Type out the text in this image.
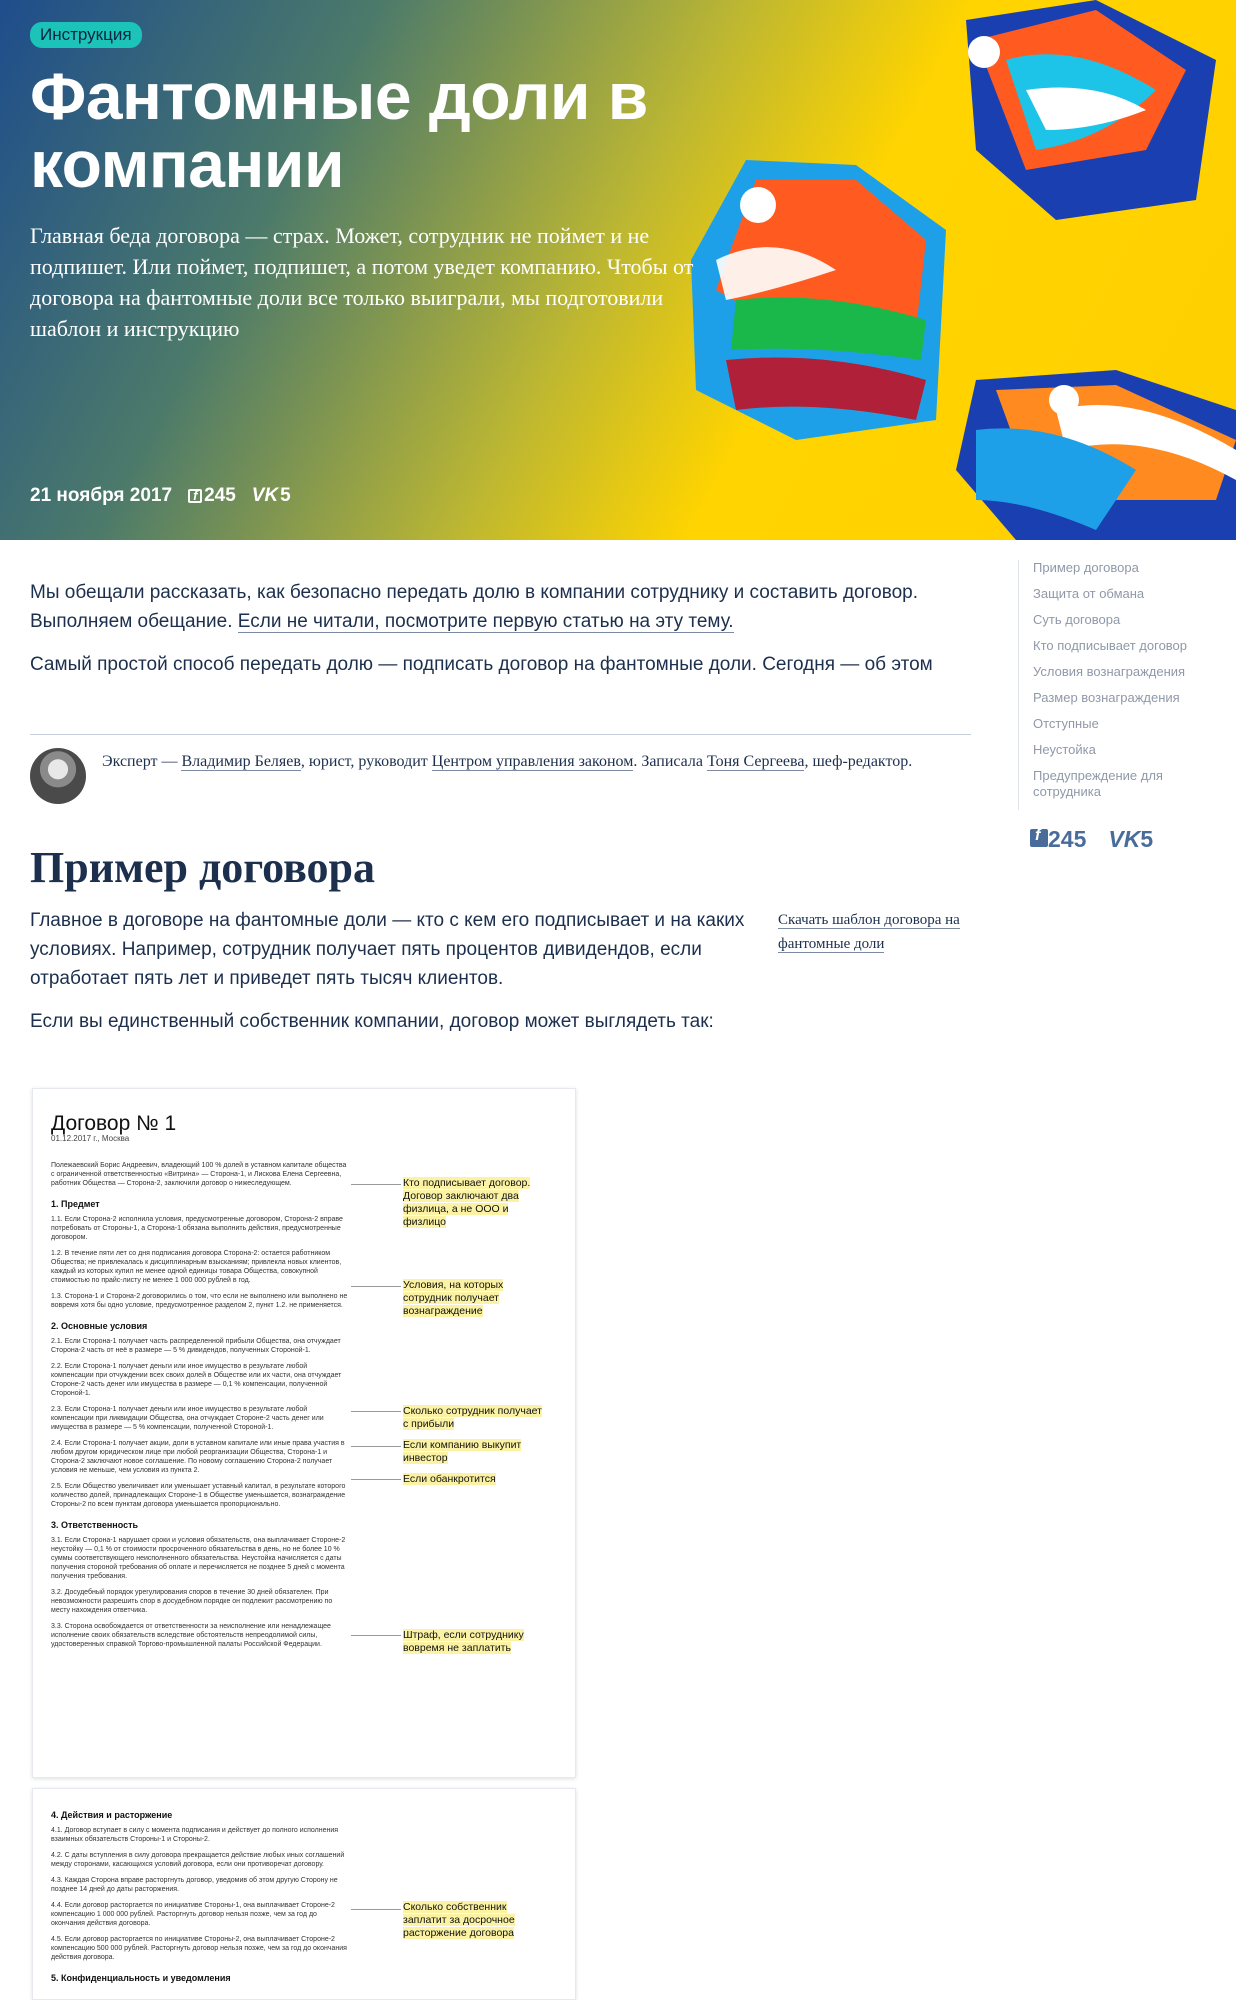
Инструкция
Фантомные доли в компании

Главная беда договора — страх. Может, сотрудник не поймет и не подпишет. Или поймет, подпишет, а потом уведет компанию. Чтобы от договора на фантомные доли все только выиграли, мы подготовили шаблон и инструкцию

21 ноября 2017
f 245 VK 5

Мы обещали рассказать, как безопасно передать долю в компании сотруднику и составить договор. Выполняем обещание. Если не читали, посмотрите первую статью на эту тему.

Самый простой способ передать долю — подписать договор на фантомные доли. Сегодня — об этом

Эксперт — Владимир Беляев, юрист, руководит Центром управления законом. Записала Тоня Сергеева, шеф-редактор.
Пример договора

Главное в договоре на фантомные доли — кто с кем его подписывает и на каких условиях. Например, сотрудник получает пять процентов дивидендов, если отработает пять лет и приведет пять тысяч клиентов.

Если вы единственный собственник компании, договор может выглядеть так:

Скачать шаблон договора на фантомные доли
Пример договора
Защита от обмана
Суть договора
Кто подписывает договор
Условия вознаграждения
Размер вознаграждения
Отступные
Неустойка
Предупреждение для сотрудника
f245 VK5
Договор № 1
01.12.2017 г., Москва

Полежаевский Борис Андреевич, владеющий 100 % долей в уставном капитале общества с ограниченной ответственностью «Витрина» — Сторона-1, и Лискова Елена Сергеевна, работник Общества — Сторона-2, заключили договор о нижеследующем.

1. Предмет

1.1. Если Сторона-2 исполнила условия, предусмотренные договором, Сторона-2 вправе потребовать от Стороны-1, а Сторона-1 обязана выполнить действия, предусмотренные договором.

1.2. В течение пяти лет со дня подписания договора Сторона-2: остается работником Общества; не привлекалась к дисциплинарным взысканиям; привлекла новых клиентов, каждый из которых купил не менее одной единицы товара Общества, совокупной стоимостью по прайс-листу не менее 1 000 000 рублей в год.

1.3. Сторона-1 и Сторона-2 договорились о том, что если не выполнено или выполнено не вовремя хотя бы одно условие, предусмотренное разделом 2, пункт 1.2. не применяется.

2. Основные условия

2.1. Если Сторона-1 получает часть распределенной прибыли Общества, она отчуждает Сторона-2 часть от неё в размере — 5 % дивидендов, полученных Стороной-1.

2.2. Если Сторона-1 получает деньги или иное имущество в результате любой компенсации при отчуждении всех своих долей в Обществе или их части, она отчуждает Стороне-2 часть денег или имущества в размере — 0,1 % компенсации, полученной Стороной-1.

2.3. Если Сторона-1 получает деньги или иное имущество в результате любой компенсации при ликвидации Общества, она отчуждает Стороне-2 часть денег или имущества в размере — 5 % компенсации, полученной Стороной-1.

2.4. Если Сторона-1 получает акции, доли в уставном капитале или иные права участия в любом другом юридическом лице при любой реорганизации Общества, Сторона-1 и Сторона-2 заключают новое соглашение. По новому соглашению Сторона-2 получает условия не меньше, чем условия из пункта 2.

2.5. Если Общество увеличивает или уменьшает уставный капитал, в результате которого количество долей, принадлежащих Стороне-1 в Обществе уменьшается, вознаграждение Стороны-2 по всем пунктам договора уменьшается пропорционально.

3. Ответственность

3.1. Если Сторона-1 нарушает сроки и условия обязательств, она выплачивает Стороне-2 неустойку — 0,1 % от стоимости просроченного обязательства в день, но не более 10 % суммы соответствующего неисполненного обязательства. Неустойка начисляется с даты получения стороной требования об оплате и перечисляется не позднее 5 дней с момента получения требования.

3.2. Досудебный порядок урегулирования споров в течение 30 дней обязателен. При невозможности разрешить спор в досудебном порядке он подлежит рассмотрению по месту нахождения ответчика.

3.3. Сторона освобождается от ответственности за неисполнение или ненадлежащее исполнение своих обязательств вследствие обстоятельств непреодолимой силы, удостоверенных справкой Торгово-промышленной палаты Российской Федерации.

Кто подписывает договор. Договор заключают два физлица, а не ООО и физлицо
Условия, на которых сотрудник получает вознаграждение
Сколько сотрудник получает с прибыли
Если компанию выкупит инвестор
Если обанкротится
Штраф, если сотруднику вовремя не заплатить
4. Действия и расторжение

4.1. Договор вступает в силу с момента подписания и действует до полного исполнения взаимных обязательств Стороны-1 и Стороны-2.

4.2. С даты вступления в силу договора прекращается действие любых иных соглашений между сторонами, касающихся условий договора, если они противоречат договору.

4.3. Каждая Сторона вправе расторгнуть договор, уведомив об этом другую Сторону не позднее 14 дней до даты расторжения.

4.4. Если договор расторгается по инициативе Стороны-1, она выплачивает Стороне-2 компенсацию 1 000 000 рублей. Расторгнуть договор нельзя позже, чем за год до окончания действия договора.

4.5. Если договор расторгается по инициативе Стороны-2, она выплачивает Стороне-2 компенсацию 500 000 рублей. Расторгнуть договор нельзя позже, чем за год до окончания действия договора.

5. Конфиденциальность и уведомления
Сколько собственник заплатит за досрочное расторжение договора
